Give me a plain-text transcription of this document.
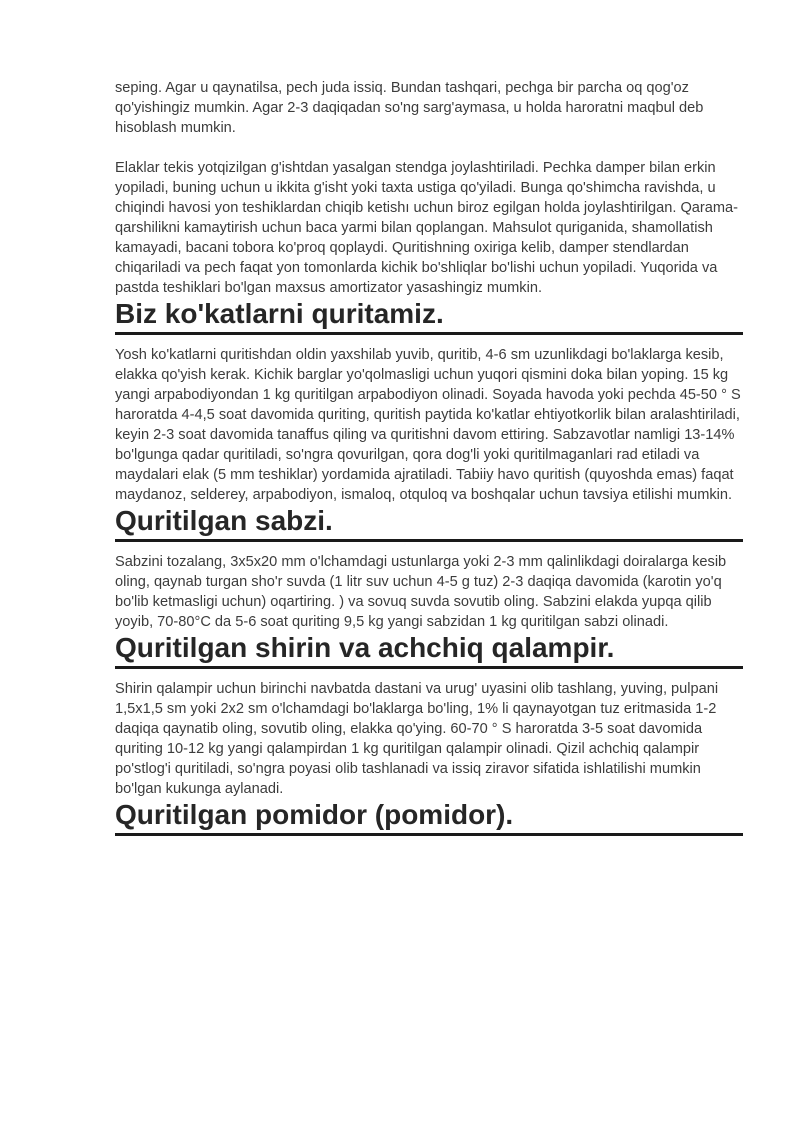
seping. Agar u qaynatilsa, pech juda issiq. Bundan tashqari, pechga bir parcha oq qog'oz qo'yishingiz mumkin. Agar 2-3 daqiqadan so'ng sarg'aymasa, u holda haroratni maqbul deb hisoblash mumkin.

Elaklar tekis yotqizilgan g'ishtdan yasalgan stendga joylashtiriladi. Pechka damper bilan erkin yopiladi, buning uchun u ikkita g'isht yoki taxta ustiga qo'yiladi. Bunga qo'shimcha ravishda, u chiqindi havosi yon teshiklardan chiqib ketishı uchun biroz egilgan holda joylashtirilgan. Qarama-qarshilikni kamaytirish uchun baca yarmi bilan qoplangan. Mahsulot quriganida, shamollatish kamayadi, bacani tobora ko'proq qoplaydi. Quritishning oxiriga kelib, damper stendlardan chiqariladi va pech faqat yon tomonlarda kichik bo'shliqlar bo'lishi uchun yopiladi. Yuqorida va pastda teshiklari bo'lgan maxsus amortizator yasashingiz mumkin.

Biz ko'katlarni quritamiz.

Yosh ko'katlarni quritishdan oldin yaxshilab yuvib, quritib, 4-6 sm uzunlikdagi bo'laklarga kesib, elakka qo'yish kerak. Kichik barglar yo'qolmasligi uchun yuqori qismini doka bilan yoping. 15 kg yangi arpabodiyondan 1 kg quritilgan arpabodiyon olinadi. Soyada havoda yoki pechda 45-50 ° S haroratda 4-4,5 soat davomida quriting, quritish paytida ko'katlar ehtiyotkorlik bilan aralashtiriladi, keyin 2-3 soat davomida tanaffus qiling va quritishni davom ettiring. Sabzavotlar namligi 13-14% bo'lgunga qadar quritiladi, so'ngra qovurilgan, qora dog'li yoki quritilmaganlari rad etiladi va maydalari elak (5 mm teshiklar) yordamida ajratiladi. Tabiiy havo quritish (quyoshda emas) faqat maydanoz, selderey, arpabodiyon, ismaloq, otquloq va boshqalar uchun tavsiya etilishi mumkin.

Quritilgan sabzi.

Sabzini tozalang, 3x5x20 mm o'lchamdagi ustunlarga yoki 2-3 mm qalinlikdagi doiralarga kesib oling, qaynab turgan sho'r suvda (1 litr suv uchun 4-5 g tuz) 2-3 daqiqa davomida (karotin yo'q bo'lib ketmasligi uchun) oqartiring. ) va sovuq suvda sovutib oling. Sabzini elakda yupqa qilib yoyib, 70-80°C da 5-6 soat quriting 9,5 kg yangi sabzidan 1 kg quritilgan sabzi olinadi.

Quritilgan shirin va achchiq qalampir.

Shirin qalampir uchun birinchi navbatda dastani va urug' uyasini olib tashlang, yuving, pulpani 1,5x1,5 sm yoki 2x2 sm o'lchamdagi bo'laklarga bo'ling, 1% li qaynayotgan tuz eritmasida 1-2 daqiqa qaynatib oling, sovutib oling, elakka qo'ying. 60-70 ° S haroratda 3-5 soat davomida quriting 10-12 kg yangi qalampirdan 1 kg quritilgan qalampir olinadi. Qizil achchiq qalampir po'stlog'i quritiladi, so'ngra poyasi olib tashlanadi va issiq ziravor sifatida ishlatilishi mumkin bo'lgan kukunga aylanadi.

Quritilgan pomidor (pomidor).
